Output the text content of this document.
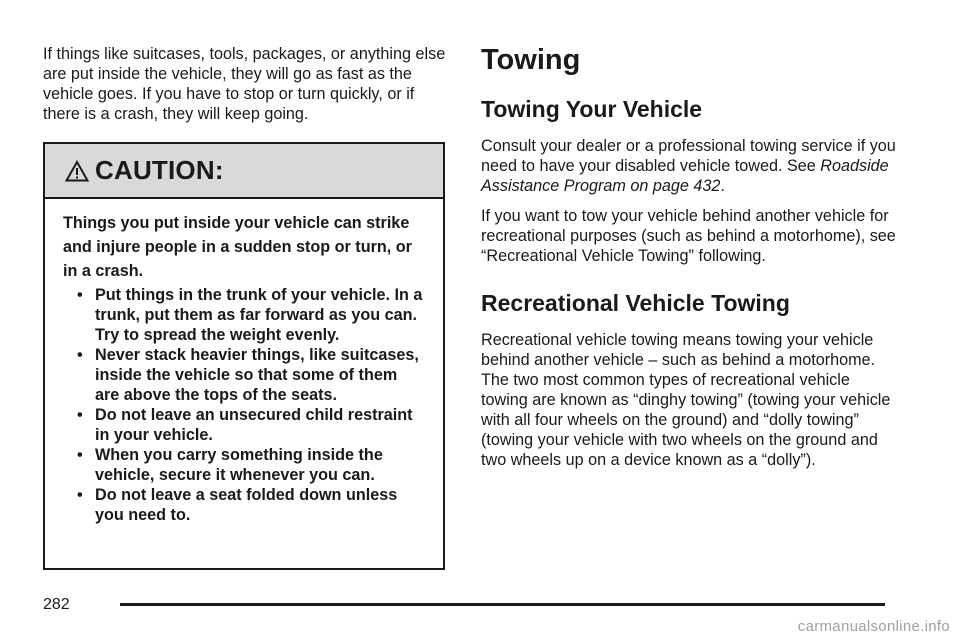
If things like suitcases, tools, packages, or anything else are put inside the vehicle, they will go as fast as the vehicle goes. If you have to stop or turn quickly, or if there is a crash, they will keep going.

CAUTION:

Things you put inside your vehicle can strike and injure people in a sudden stop or turn, or in a crash.

• Put things in the trunk of your vehicle. In a trunk, put them as far forward as you can. Try to spread the weight evenly.
• Never stack heavier things, like suitcases, inside the vehicle so that some of them are above the tops of the seats.
• Do not leave an unsecured child restraint in your vehicle.
• When you carry something inside the vehicle, secure it whenever you can.
• Do not leave a seat folded down unless you need to.
Towing
Towing Your Vehicle

Consult your dealer or a professional towing service if you need to have your disabled vehicle towed. See Roadside Assistance Program on page 432.

If you want to tow your vehicle behind another vehicle for recreational purposes (such as behind a motorhome), see “Recreational Vehicle Towing” following.

Recreational Vehicle Towing

Recreational vehicle towing means towing your vehicle behind another vehicle – such as behind a motorhome. The two most common types of recreational vehicle towing are known as “dinghy towing” (towing your vehicle with all four wheels on the ground) and “dolly towing” (towing your vehicle with two wheels on the ground and two wheels up on a device known as a “dolly”).

282
carmanualsonline.info
